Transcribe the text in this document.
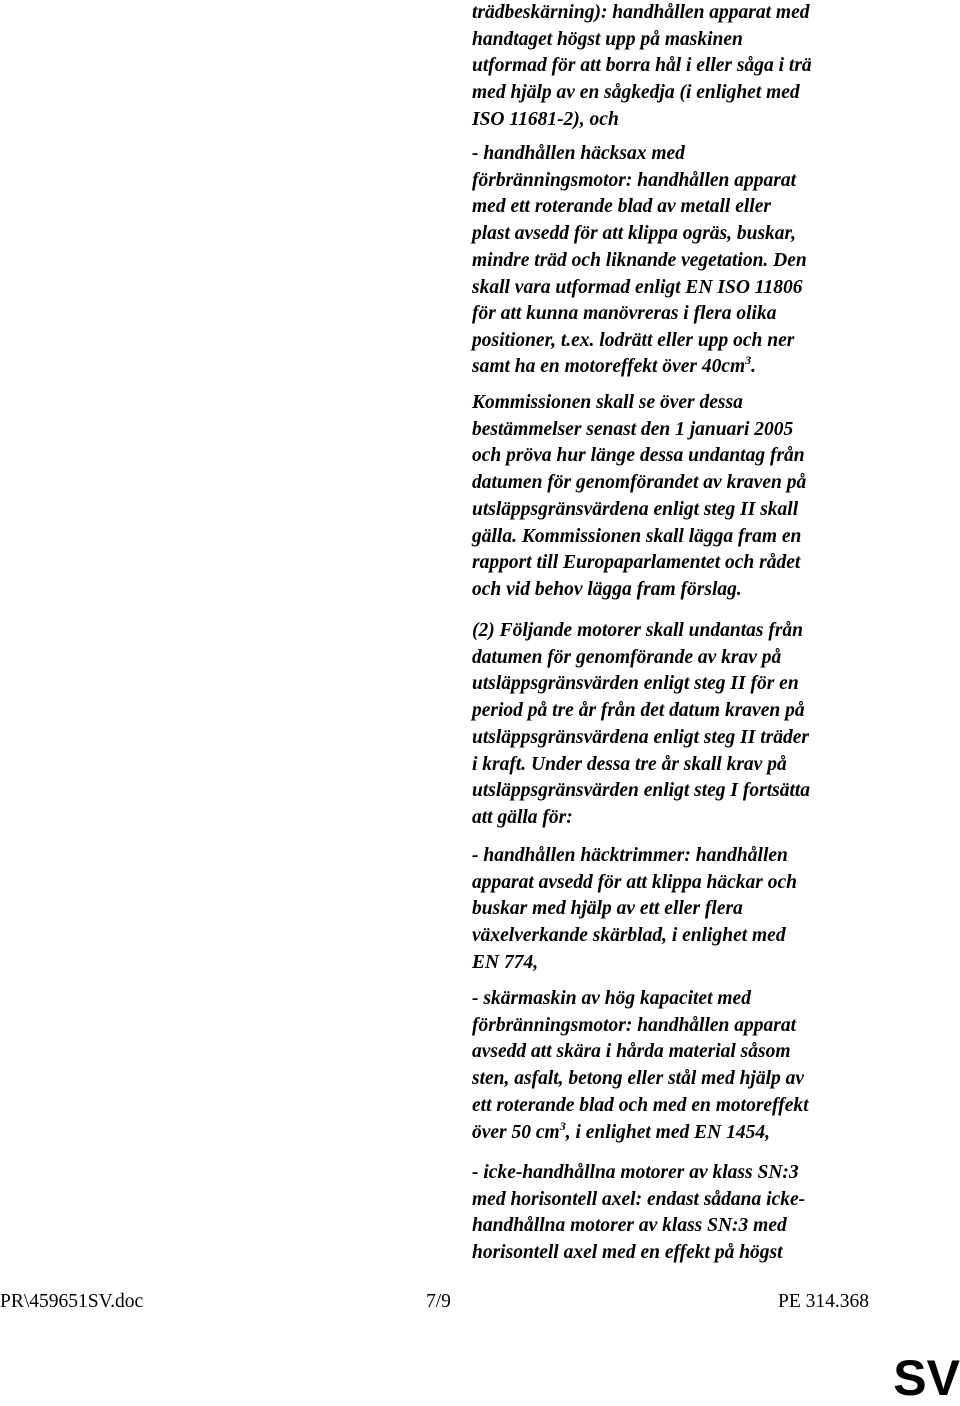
trädbeskärning): handhållen apparat med
handtaget högst upp på maskinen
utformad för att borra hål i eller såga i trä
med hjälp av en sågkedja (i enlighet med
ISO 11681-2), och
- handhållen häcksax med
förbränningsmotor: handhållen apparat
med ett roterande blad av metall eller
plast avsedd för att klippa ogräs, buskar,
mindre träd och liknande vegetation. Den
skall vara utformad enligt EN ISO 11806
för att kunna manövreras i flera olika
positioner, t.ex. lodrätt eller upp och ner
Kommissionen skall se över dessa
bestämmelser senast den 1 januari 2005
och pröva hur länge dessa undantag från
datumen för genomförandet av kraven på
utsläppsgränsvärdena enligt steg II skall
gälla. Kommissionen skall lägga fram en
rapport till Europaparlamentet och rådet
och vid behov lägga fram förslag.
(2) Följande motorer skall undantas från
datumen för genomförande av krav på
utsläppsgränsvärden enligt steg II för en
period på tre år från det datum kraven på
utsläppsgränsvärdena enligt steg II träder
i kraft. Under dessa tre år skall krav på
utsläppsgränsvärden enligt steg I fortsätta
att gälla för:
- handhållen häcktrimmer: handhållen
apparat avsedd för att klippa häckar och
buskar med hjälp av ett eller flera
växelverkande skärblad, i enlighet med
EN 774,
- skärmaskin av hög kapacitet med
förbränningsmotor: handhållen apparat
avsedd att skära i hårda material såsom
sten, asfalt, betong eller stål med hjälp av
ett roterande blad och med en motoreffekt
- icke-handhållna motorer av klass SN:3
med horisontell axel: endast sådana icke-
handhållna motorer av klass SN:3 med
horisontell axel med en effekt på högst
samt ha en motoreffekt över $40cm^3$.
över 50 $cm^3$, i enlighet med EN 1454,
PR\459651SV.doc	7/9	PE 314.368
SV
